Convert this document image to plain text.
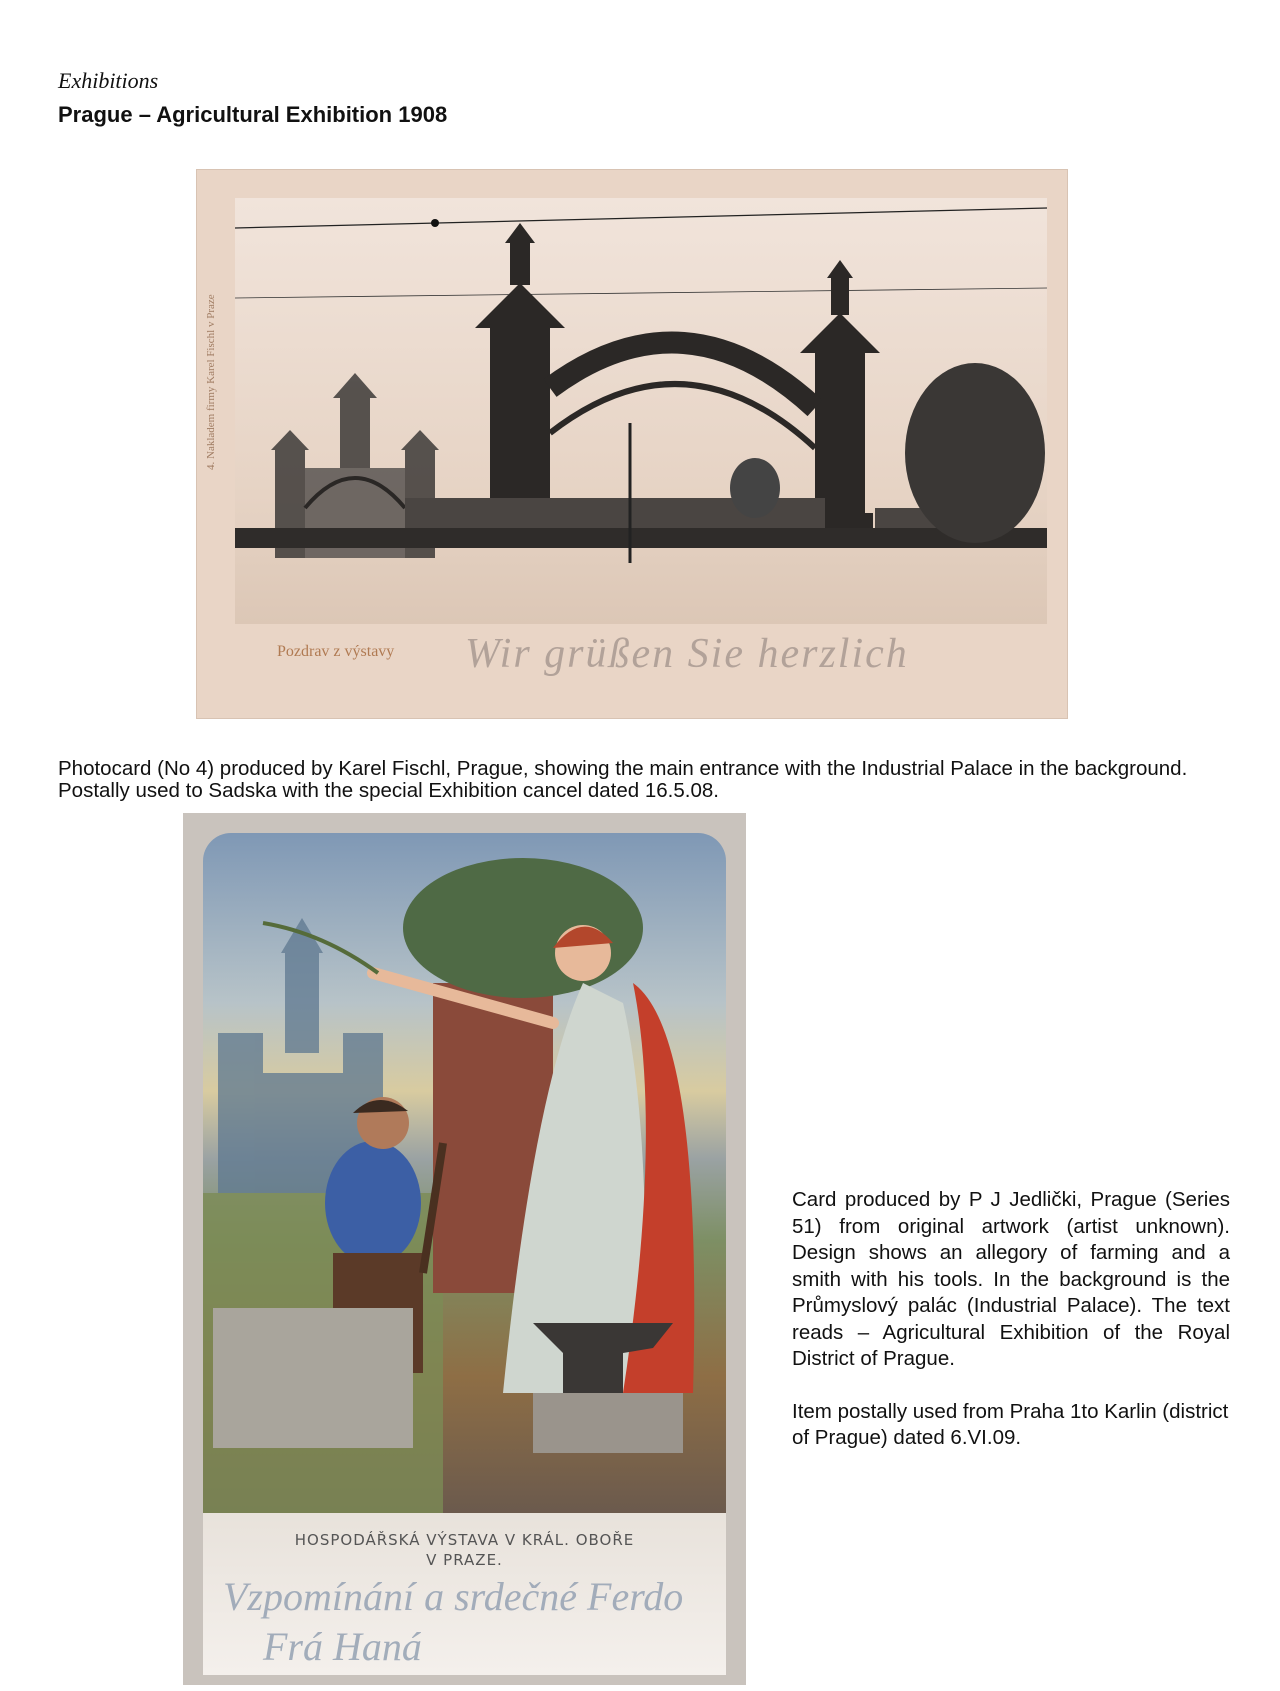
Exhibitions
Prague – Agricultural Exhibition 1908
4. Nakladem firmy Karel Fischl v Praze
Pozdrav z výstavy Wir grüßen Sie herzlich
Photocard (No 4) produced by Karel Fischl, Prague, showing the main entrance with the Industrial Palace in the background. Postally used to Sadska with the special Exhibition cancel dated 16.5.08.
HOSPODÁŘSKÁ VÝSTAVA V KRÁL. OBOŘE
V PRAZE.
Vzpomínání a srdečné Ferdo
Frá Haná

Card produced by P J Jedlički, Prague (Series 51) from original artwork (artist unknown). Design shows an allegory of farming and a smith with his tools. In the background is the Průmyslový palác (Industrial Palace). The text reads – Agricultural Exhibition of the Royal District of Prague.

Item postally used from Praha 1to Karlin (district of Prague) dated 6.VI.09.
